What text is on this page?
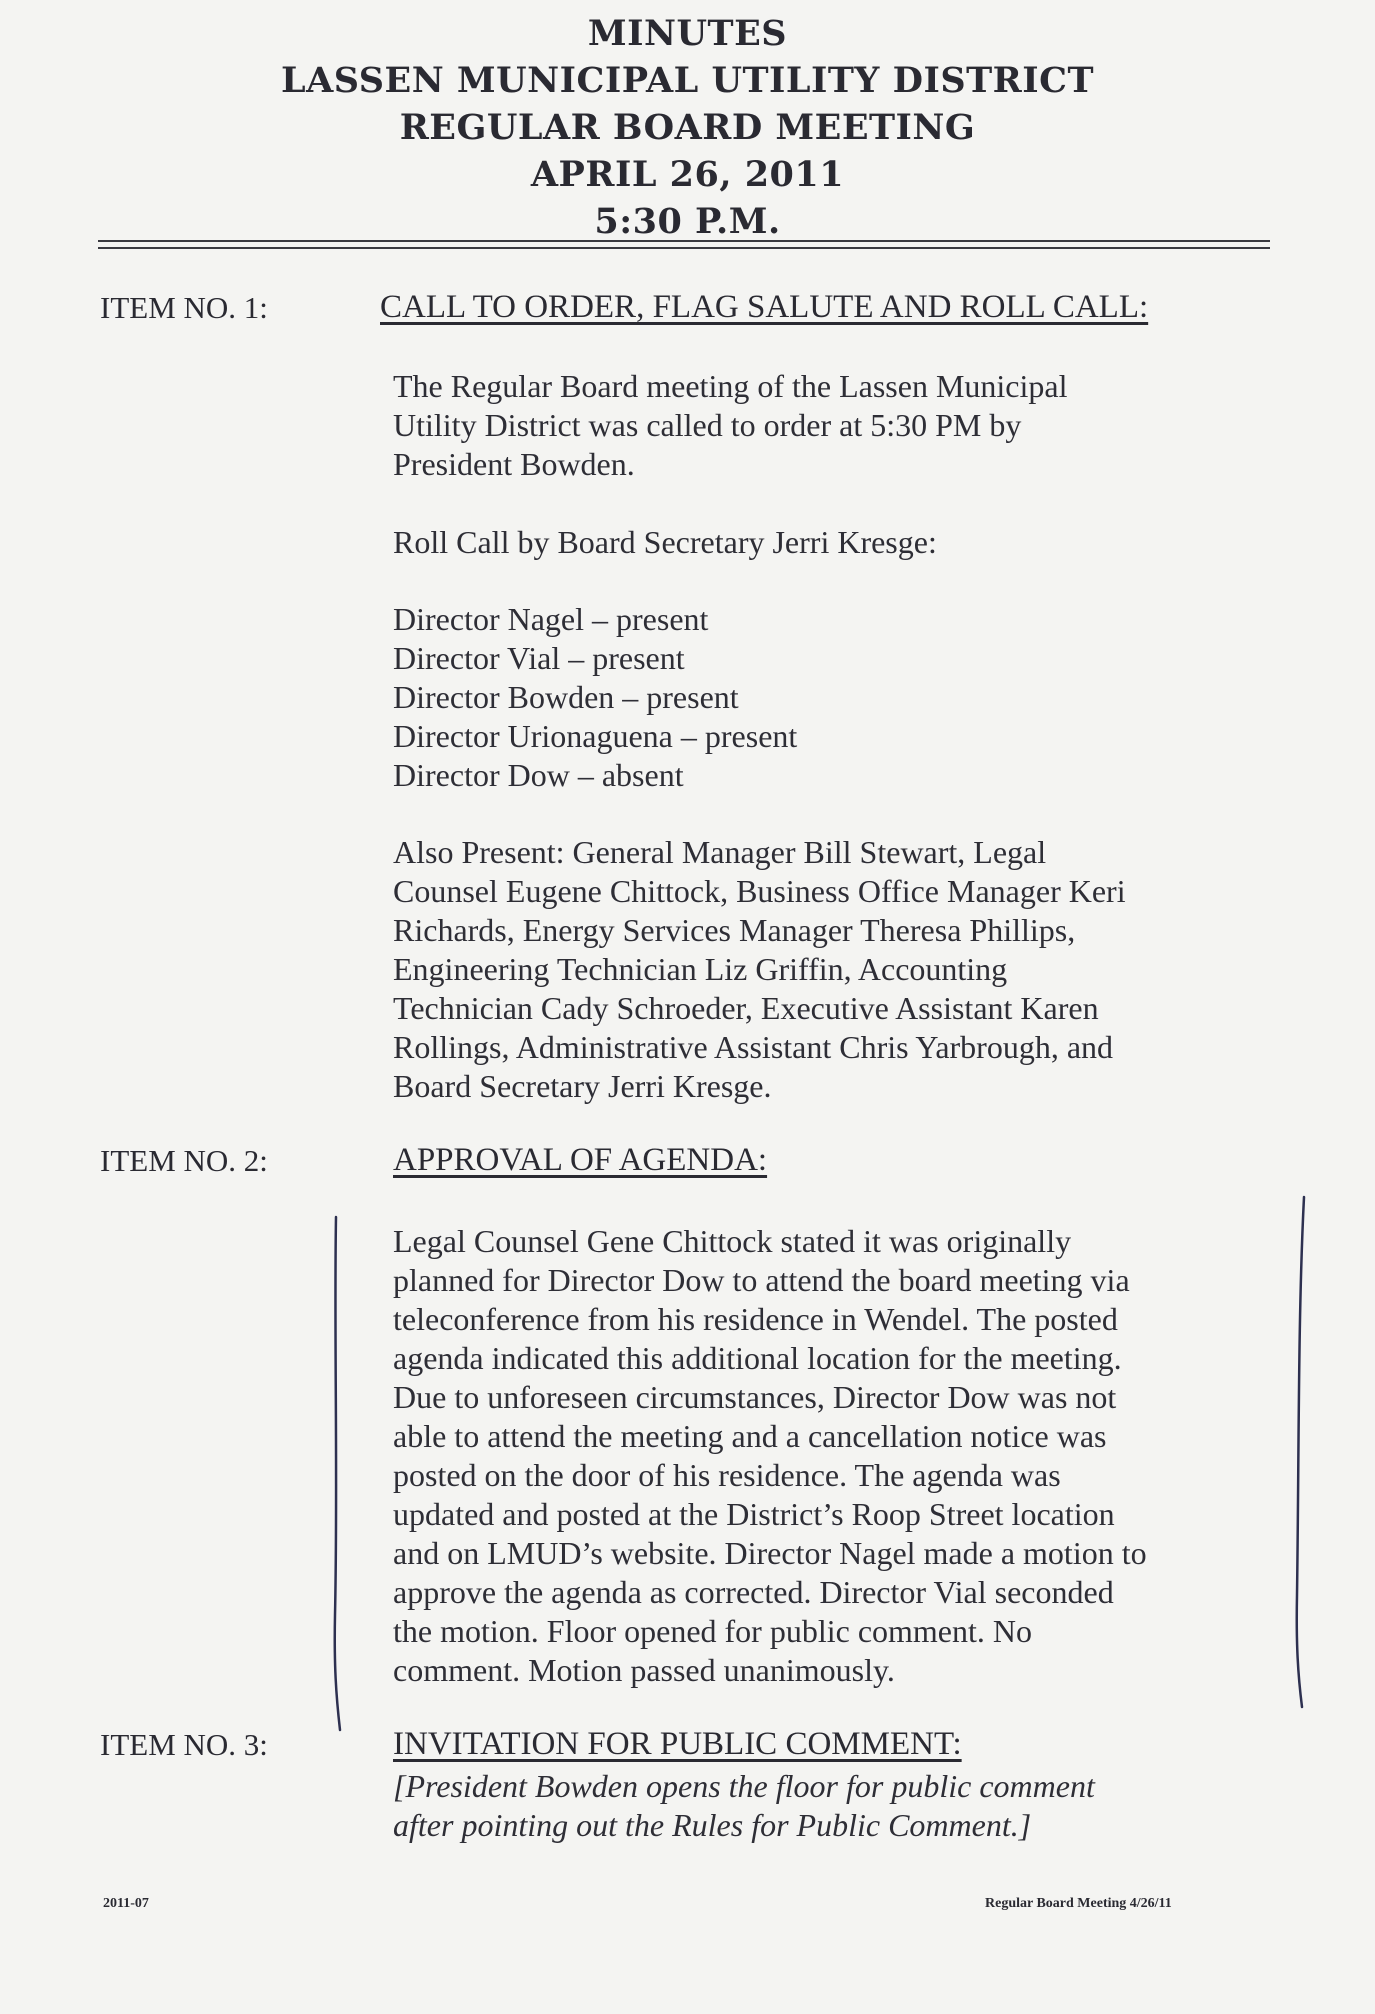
MINUTES
LASSEN MUNICIPAL UTILITY DISTRICT
REGULAR BOARD MEETING
APRIL 26, 2011
5:30 P.M.
ITEM NO. 1:	CALL TO ORDER, FLAG SALUTE AND ROLL CALL:
The Regular Board meeting of the Lassen Municipal
Utility District was called to order at 5:30 PM by
President Bowden.
Roll Call by Board Secretary Jerri Kresge:
Director Nagel – present
Director Vial – present
Director Bowden – present
Director Urionaguena – present
Director Dow – absent
Also Present: General Manager Bill Stewart, Legal
Counsel Eugene Chittock, Business Office Manager Keri
Richards, Energy Services Manager Theresa Phillips,
Engineering Technician Liz Griffin, Accounting
Technician Cady Schroeder, Executive Assistant Karen
Rollings, Administrative Assistant Chris Yarbrough, and
Board Secretary Jerri Kresge.
ITEM NO. 2:	APPROVAL OF AGENDA:
Legal Counsel Gene Chittock stated it was originally
planned for Director Dow to attend the board meeting via
teleconference from his residence in Wendel. The posted
agenda indicated this additional location for the meeting.
Due to unforeseen circumstances, Director Dow was not
able to attend the meeting and a cancellation notice was
posted on the door of his residence. The agenda was
updated and posted at the District’s Roop Street location
and on LMUD’s website. Director Nagel made a motion to
approve the agenda as corrected. Director Vial seconded
the motion. Floor opened for public comment. No
comment. Motion passed unanimously.
ITEM NO. 3:	INVITATION FOR PUBLIC COMMENT:
[President Bowden opens the floor for public comment
after pointing out the Rules for Public Comment.]
2011-07	Regular Board Meeting 4/26/11
